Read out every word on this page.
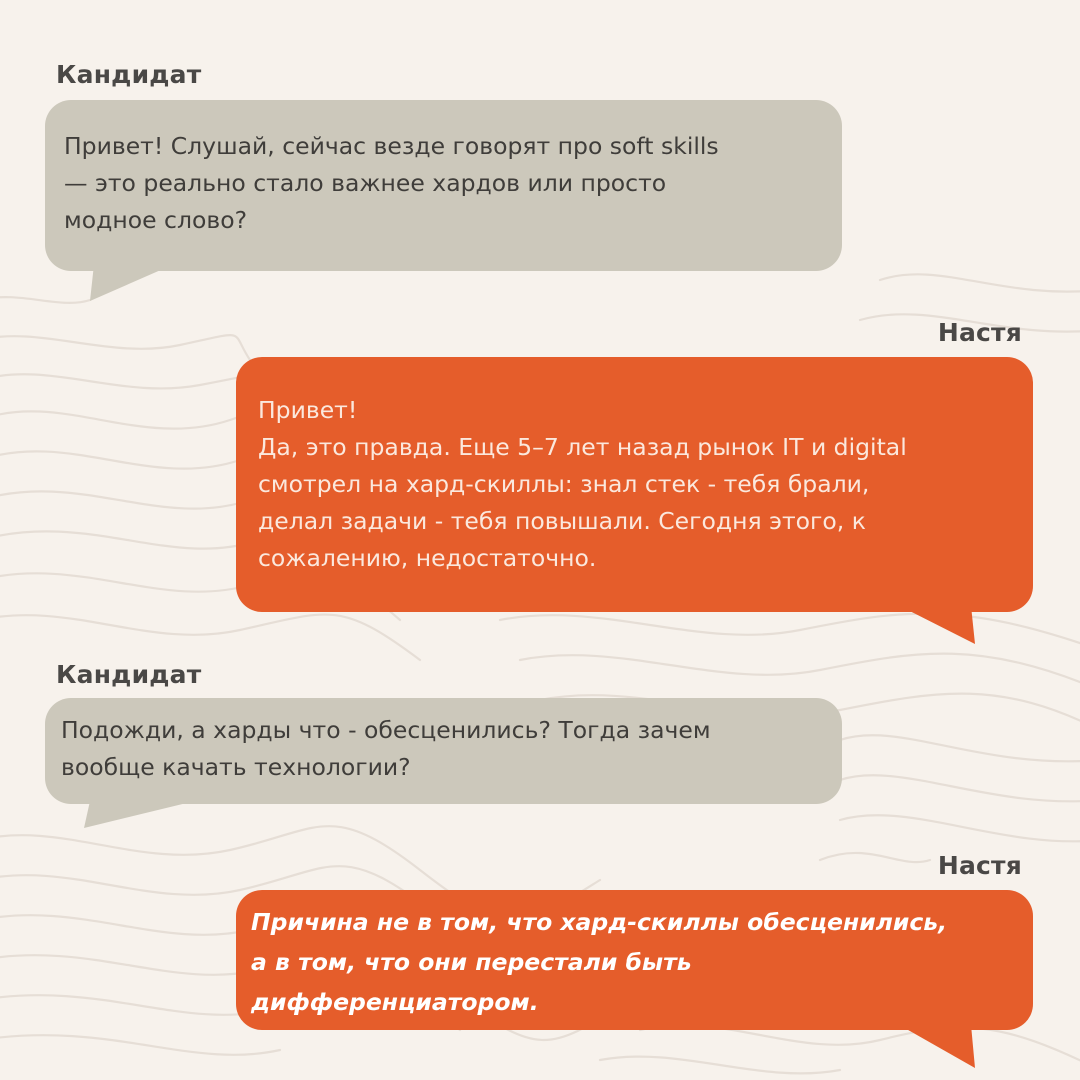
Кандидат

Привет! Слушай, сейчас везде говорят про soft skills
— это реально стало важнее хардов или просто
модное слово?

Настя

Привет!
Да, это правда. Еще 5–7 лет назад рынок IT и digital
смотрел на хард-скиллы: знал стек - тебя брали,
делал задачи - тебя повышали. Сегодня этого, к
сожалению, недостаточно.

Кандидат

Подожди, а харды что - обесценились? Тогда зачем
вообще качать технологии?

Настя

Причина не в том, что хард-скиллы обесценились,
а в том, что они перестали быть
дифференциатором.
